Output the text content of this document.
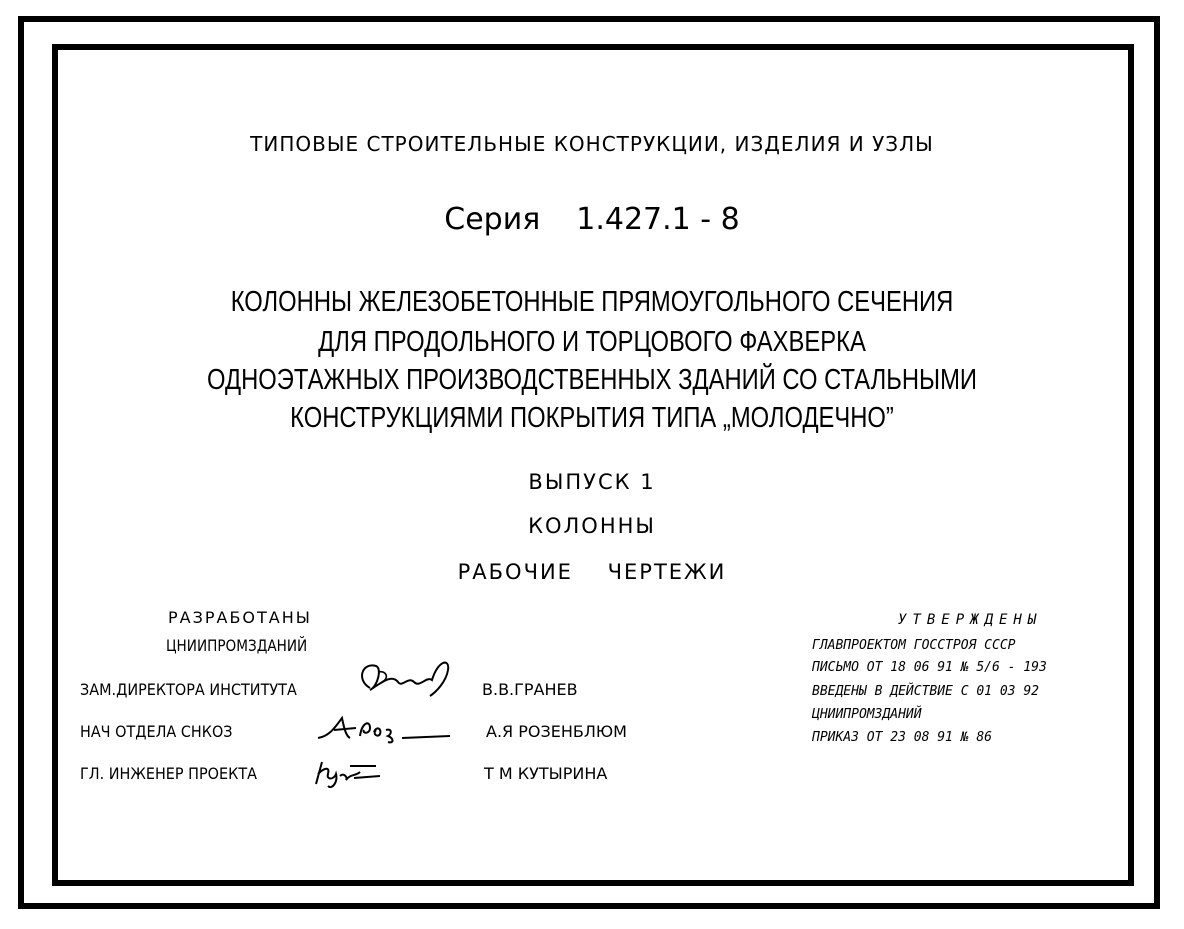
ТИПОВЫЕ СТРОИТЕЛЬНЫЕ КОНСТРУКЦИИ, ИЗДЕЛИЯ И УЗЛЫ
Серия 1.427.1 - 8
КОЛОННЫ ЖЕЛЕЗОБЕТОННЫЕ ПРЯМОУГОЛЬНОГО СЕЧЕНИЯ
ДЛЯ ПРОДОЛЬНОГО И ТОРЦОВОГО ФАХВЕРКА
ОДНОЭТАЖНЫХ ПРОИЗВОДСТВЕННЫХ ЗДАНИЙ СО СТАЛЬНЫМИ
КОНСТРУКЦИЯМИ ПОКРЫТИЯ ТИПА „МОЛОДЕЧНО”
ВЫПУСК 1
КОЛОННЫ
РАБОЧИЕ ЧЕРТЕЖИ
РАЗРАБОТАНЫ
ЦНИИПРОМЗДАНИЙ
ЗАМ.ДИРЕКТОРА ИНСТИТУТА
НАЧ ОТДЕЛА СНКОЗ
ГЛ. ИНЖЕНЕР ПРОЕКТА
В.В.ГРАНЕВ
А.Я РОЗЕНБЛЮМ
Т М КУТЫРИНА
УТВЕРЖДЕНЫ
ГЛАВПРОЕКТОМ ГОССТРОЯ СССР
ПИСЬМО ОТ 18 06 91 № 5/6 - 193
ВВЕДЕНЫ В ДЕЙСТВИЕ С 01 03 92
ЦНИИПРОМЗДАНИЙ
ПРИКАЗ ОТ 23 08 91 № 86
